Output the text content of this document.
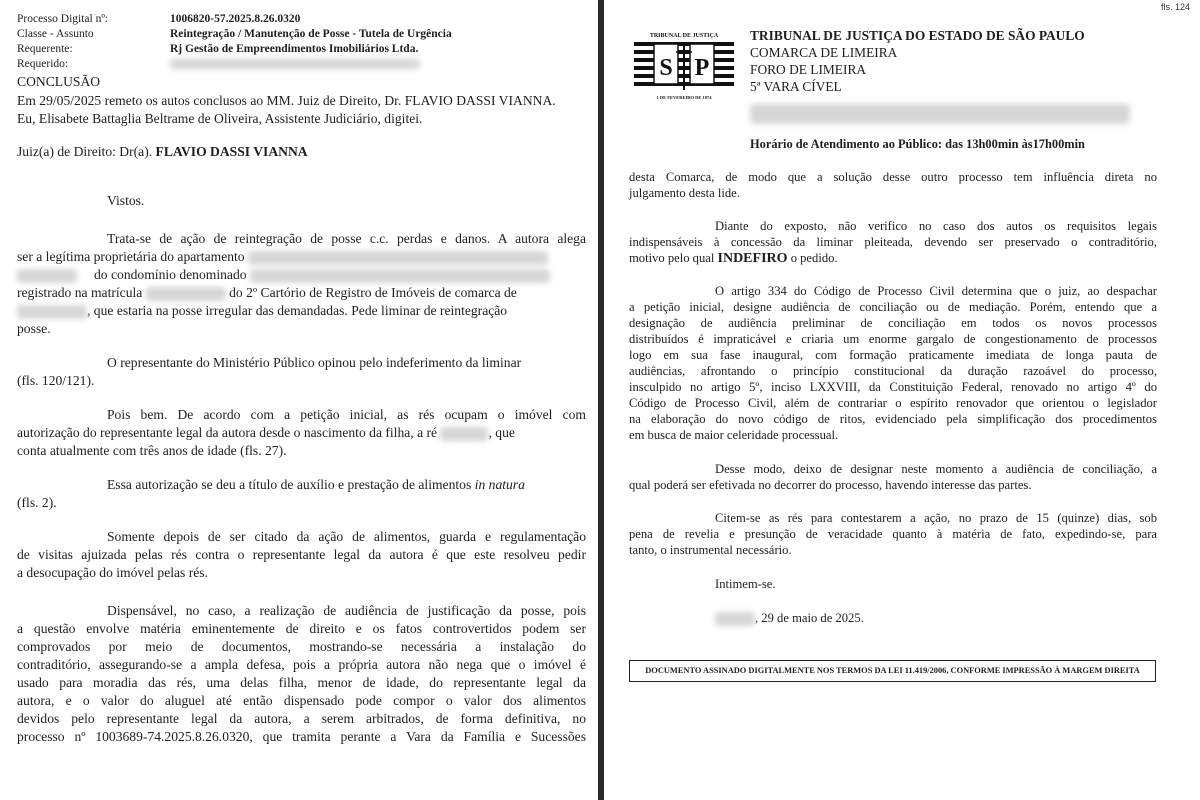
Processo Digital nº:	1006820-57.2025.8.26.0320
Classe - Assunto	Reintegração / Manutenção de Posse - Tutela de Urgência
Requerente:	Rj Gestão de Empreendimentos Imobiliários Ltda.
Requerido:
CONCLUSÃO
Em 29/05/2025 remeto os autos conclusos ao MM. Juiz de Direito, Dr. FLAVIO DASSI VIANNA.
Eu, Elisabete Battaglia Beltrame de Oliveira, Assistente Judiciário, digitei.
Juiz(a) de Direito: Dr(a). FLAVIO DASSI VIANNA
Vistos.
Trata-se de ação de reintegração de posse c.c. perdas e danos. A autora alega
ser a legítima proprietária do apartamento
do condomínio denominado
registrado na matrícula	do 2º Cartório de Registro de Imóveis de comarca de
, que estaria na posse irregular das demandadas. Pede liminar de reintegração
posse.
O representante do Ministério Público opinou pelo indeferimento da liminar
(fls. 120/121).
Pois bem. De acordo com a petição inicial, as rés ocupam o imóvel com
autorização do representante legal da autora desde o nascimento da filha, a ré	, que
conta atualmente com três anos de idade (fls. 27).
Essa autorização se deu a título de auxílio e prestação de alimentos in natura
(fls. 2).
Somente depois de ser citado da ação de alimentos, guarda e regulamentação
de visitas ajuizada pelas rés contra o representante legal da autora é que este resolveu pedir
a desocupação do imóvel pelas rés.
Dispensável, no caso, a realização de audiência de justificação da posse, pois
a questão envolve matéria eminentemente de direito e os fatos controvertidos podem ser
comprovados por meio de documentos, mostrando-se necessária a instalação do
contraditório, assegurando-se a ampla defesa, pois a própria autora não nega que o imóvel é
usado para moradia das rés, uma delas filha, menor de idade, do representante legal da
autora, e o valor do aluguel até então dispensado pode compor o valor dos alimentos
devidos pelo representante legal da autora, a serem arbitrados, de forma definitiva, no
processo nº 1003689-74.2025.8.26.0320, que tramita perante a Vara da Família e Sucessões
fls. 124
S P
TRIBUNAL DE JUSTIÇA
1 DE FEVEREIRO DE 1874
TRIBUNAL DE JUSTIÇA DO ESTADO DE SÃO PAULO
COMARCA DE LIMEIRA
FORO DE LIMEIRA
5ª VARA CÍVEL
Horário de Atendimento ao Público: das 13h00min às17h00min
desta Comarca, de modo que a solução desse outro processo tem influência direta no
julgamento desta lide.
Diante do exposto, não verifico no caso dos autos os requisitos legais
indispensáveis à concessão da liminar pleiteada, devendo ser preservado o contraditório,
motivo pelo qual INDEFIRO o pedido.
O artigo 334 do Código de Processo Civil determina que o juiz, ao despachar
a petição inicial, designe audiência de conciliação ou de mediação. Porém, entendo que a
designação de audiência preliminar de conciliação em todos os novos processos
distribuídos é impraticável e criaria um enorme gargalo de congestionamento de processos
logo em sua fase inaugural, com formação praticamente imediata de longa pauta de
audiências, afrontando o princípio constitucional da duração razoável do processo,
insculpido no artigo 5º, inciso LXXVIII, da Constituição Federal, renovado no artigo 4º do
Código de Processo Civil, além de contrariar o espírito renovador que orientou o legislador
na elaboração do novo código de ritos, evidenciado pela simplificação dos procedimentos
em busca de maior celeridade processual.
Desse modo, deixo de designar neste momento a audiência de conciliação, a
qual poderá ser efetivada no decorrer do processo, havendo interesse das partes.
Citem-se as rés para contestarem a ação, no prazo de 15 (quinze) dias, sob
pena de revelia e presunção de veracidade quanto à matéria de fato, expedindo-se, para
tanto, o instrumental necessário.
Intimem-se.
, 29 de maio de 2025.
DOCUMENTO ASSINADO DIGITALMENTE NOS TERMOS DA LEI 11.419/2006, CONFORME IMPRESSÃO À MARGEM DIREITA
